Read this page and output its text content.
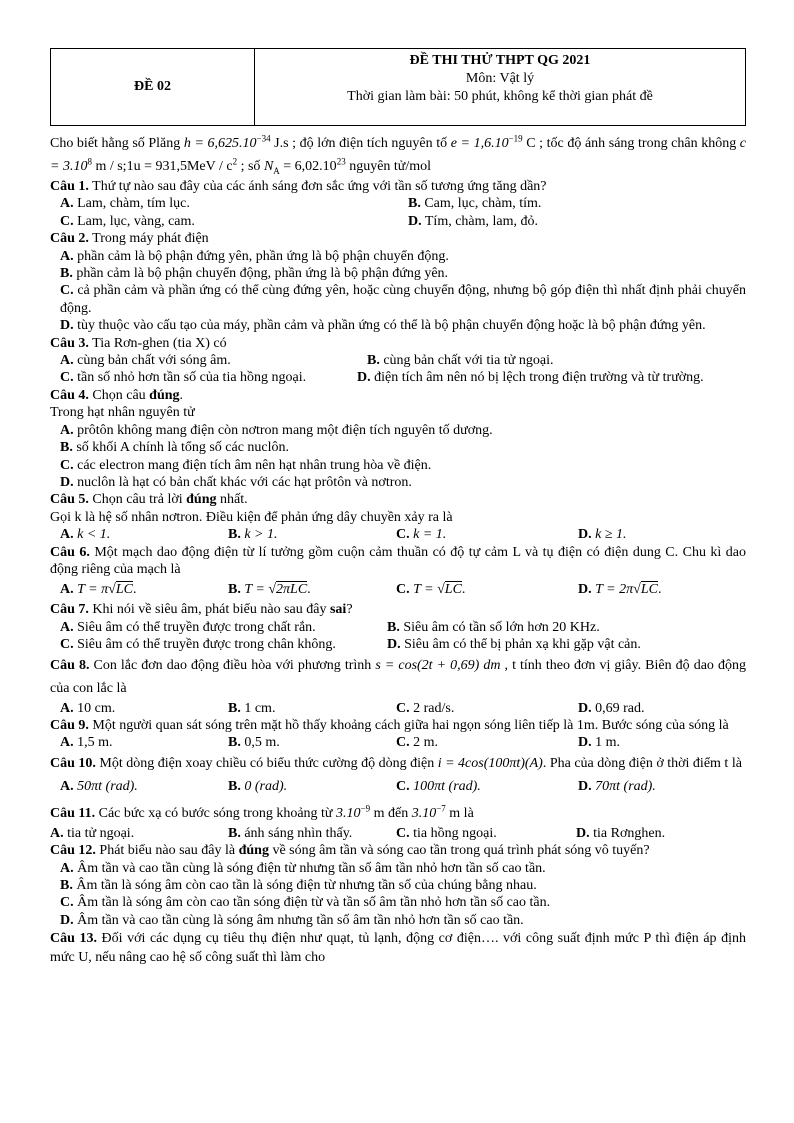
ĐỀ 02
ĐỀ THI THỬ THPT QG 2021
Môn: Vật lý
Thời gian làm bài: 50 phút, không kể thời gian phát đề
Cho biết hằng số Plăng $h = 6,625.10^{-34}$ J.s ; độ lớn điện tích nguyên tố $e = 1,6.10^{-19}$ C ; tốc độ ánh sáng trong chân không $c = 3.10^8$ m / s;1u = $931,5MeV / c^2$ ; số $N_A = 6,02.10^{23}$ nguyên tử/mol
Câu 1. Thứ tự nào sau đây của các ánh sáng đơn sắc ứng với tần số tương ứng tăng dần?
A. Lam, chàm, tím lục.	B. Cam, lục, chàm, tím.
C. Lam, lục, vàng, cam.	D. Tím, chàm, lam, đỏ.
Câu 2. Trong máy phát điện
A. phần cảm là bộ phận đứng yên, phần ứng là bộ phận chuyển động.
B. phần cảm là bộ phận chuyển động, phần ứng là bộ phận đứng yên.
C. cả phần cảm và phần ứng có thể cùng đứng yên, hoặc cùng chuyển động, nhưng bộ góp điện thì nhất định phải chuyển động.
D. tùy thuộc vào cấu tạo của máy, phần cảm và phần ứng có thể là bộ phận chuyển động hoặc là bộ phận đứng yên.
Câu 3. Tia Rơn-ghen (tia X) có
A. cùng bản chất với sóng âm.	B. cùng bản chất với tia tử ngoại.
C. tần số nhỏ hơn tần số của tia hồng ngoại.	D. điện tích âm nên nó bị lệch trong điện trường và từ trường.
Câu 4. Chọn câu đúng.
Trong hạt nhân nguyên tử
A. prôtôn không mang điện còn nơtron mang một điện tích nguyên tố dương.
B. số khối A chính là tổng số các nuclôn.
C. các electron mang điện tích âm nên hạt nhân trung hòa về điện.
D. nuclôn là hạt có bản chất khác với các hạt prôtôn và nơtron.
Câu 5. Chọn câu trả lời đúng nhất.
Gọi k là hệ số nhân nơtron. Điều kiện để phản ứng dây chuyền xảy ra là
A. k < 1.	B. k > 1.	C. k = 1.	D. k ≥ 1.
Câu 6. Một mạch dao động điện từ lí tưởng gồm cuộn cảm thuần có độ tự cảm L và tụ điện có điện dung C. Chu kì dao động riêng của mạch là
A. T = π√LC.	B. T = √2πLC.	C. T = √LC.	D. T = 2π√LC.
Câu 7. Khi nói về siêu âm, phát biểu nào sau đây sai?
A. Siêu âm có thể truyền được trong chất rắn.	B. Siêu âm có tần số lớn hơn 20 KHz.
C. Siêu âm có thể truyền được trong chân không.	D. Siêu âm có thể bị phản xạ khi gặp vật cản.
Câu 8. Con lắc đơn dao động điều hòa với phương trình s = cos(2t + 0,69) dm , t tính theo đơn vị giây. Biên độ dao động của con lắc là
A. 10 cm.	B. 1 cm.	C. 2 rad/s.	D. 0,69 rad.
Câu 9. Một người quan sát sóng trên mặt hồ thấy khoảng cách giữa hai ngọn sóng liên tiếp là 1m. Bước sóng của sóng là
A. 1,5 m.	B. 0,5 m.	C. 2 m.	D. 1 m.
Câu 10. Một dòng điện xoay chiều có biểu thức cường độ dòng điện i = 4cos(100πt)(A). Pha của dòng điện ở thời điểm t là
A. 50πt (rad).	B. 0 (rad).	C. 100πt (rad).	D. 70πt (rad).
Câu 11. Các bức xạ có bước sóng trong khoảng từ $3.10^{-9}$ m đến $3.10^{-7}$ m là
A. tia tử ngoại.	B. ánh sáng nhìn thấy.	C. tia hồng ngoại.	D. tia Rơnghen.
Câu 12. Phát biểu nào sau đây là đúng về sóng âm tần và sóng cao tần trong quá trình phát sóng vô tuyến?
A. Âm tần và cao tần cùng là sóng điện từ nhưng tần số âm tần nhỏ hơn tần số cao tần.
B. Âm tần là sóng âm còn cao tần là sóng điện từ nhưng tần số của chúng bằng nhau.
C. Âm tần là sóng âm còn cao tần sóng điện từ và tần số âm tần nhỏ hơn tần số cao tần.
D. Âm tần và cao tần cùng là sóng âm nhưng tần số âm tần nhỏ hơn tần số cao tần.
Câu 13. Đối với các dụng cụ tiêu thụ điện như quạt, tủ lạnh, động cơ điện…. với công suất định mức P thì điện áp định mức U, nếu nâng cao hệ số công suất thì làm cho
